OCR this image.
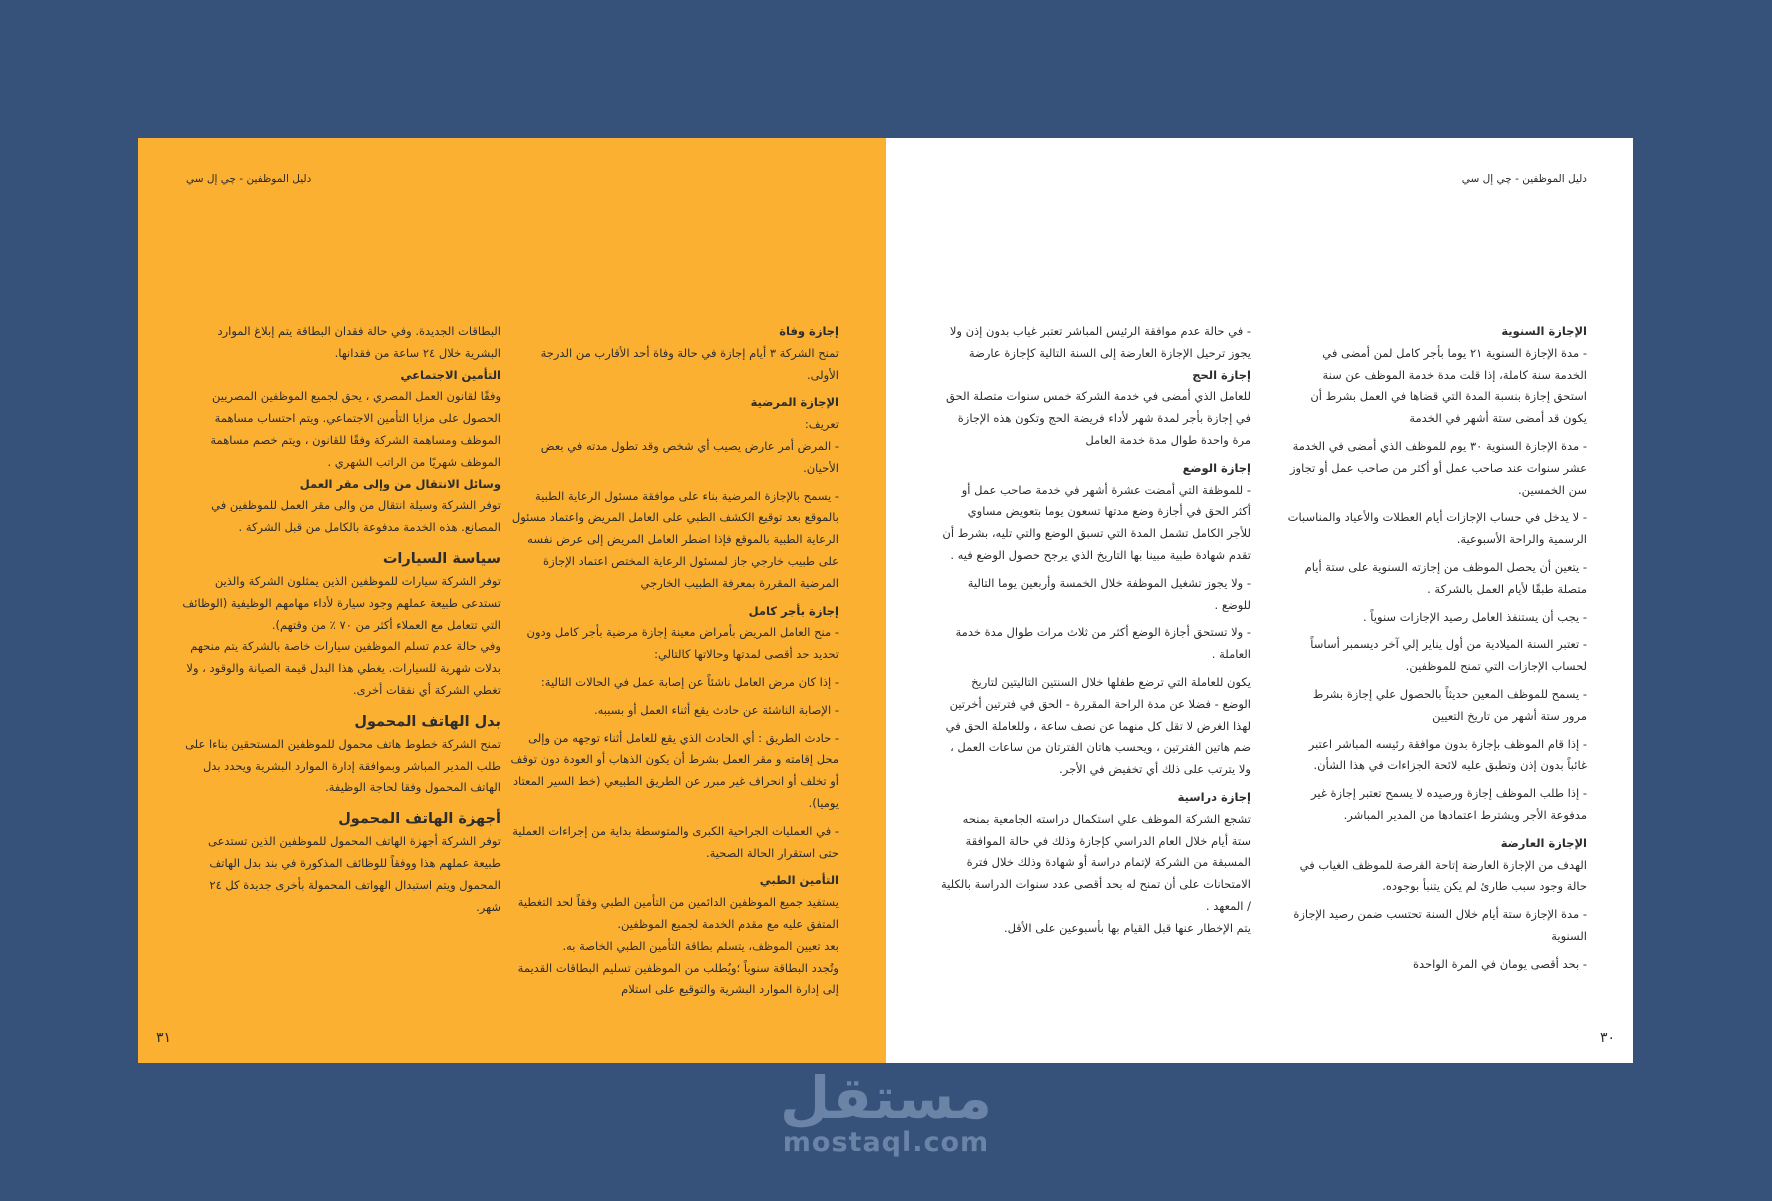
دليل الموظفين - چي إل سي

إجازة وفاة

تمنح الشركة ٣ أيام إجازة في حالة وفاة أحد الأقارب من الدرجة الأولى.

الإجازة المرضية

تعريف:

- المرض أمر عارض يصيب أي شخص وقد تطول مدته في بعض الأحيان.

- يسمح بالإجازة المرضية بناء على موافقة مسئول الرعاية الطبية بالموقع بعد توقيع الكشف الطبي على العامل المريض واعتماد مسئول الرعاية الطبية بالموقع فإذا اضطر العامل المريض إلى عرض نفسه على طبيب خارجي جاز لمسئول الرعاية المختص اعتماد الإجازة المرضية المقررة بمعرفة الطبيب الخارجي

إجازة بأجر كامل

- منح العامل المريض بأمراض معينة إجازة مرضية بأجر كامل ودون تحديد حد أقصى لمدتها وحالاتها كالتالي:

- إذا كان مرض العامل ناشئاً عن إصابة عمل في الحالات التالية:

- الإصابة الناشئة عن حادث يقع أثناء العمل أو بسببه.

- حادث الطريق : أي الحادث الذي يقع للعامل أثناء توجهه من وإلى محل إقامته و مقر العمل بشرط أن يكون الذهاب أو العودة دون توقف أو تخلف أو انحراف غير مبرر عن الطريق الطبيعي (خط السير المعتاد يوميا).

- في العمليات الجراحية الكبرى والمتوسطة بداية من إجراءات العملية حتى استقرار الحالة الصحية.

التأمين الطبي

يستفيد جميع الموظفين الدائمين من التأمين الطبي وفقاً لحد التغطية المتفق عليه مع مقدم الخدمة لجميع الموظفين.

بعد تعيين الموظف، يتسلم بطاقة التأمين الطبي الخاصة به.

وتُجدد البطاقة سنوياً ؛ويُطلب من الموظفين تسليم البطاقات القديمة إلى إدارة الموارد البشرية والتوقيع على استلام

البطاقات الجديدة. وفي حالة فقدان البطاقة يتم إبلاغ الموارد البشرية خلال ٢٤ ساعة من فقدانها.

التأمين الاجتماعي

وفقًا لقانون العمل المصري ، يحق لجميع الموظفين المصريين الحصول على مزايا التأمين الاجتماعي. ويتم احتساب مساهمة الموظف ومساهمة الشركة وفقًا للقانون ، ويتم خصم مساهمة الموظف شهريًا من الراتب الشهري .

وسائل الانتقال من وإلى مقر العمل

توفر الشركة وسيلة انتقال من والى مقر العمل للموظفين في المصانع. هذه الخدمة مدفوعة بالكامل من قبل الشركة .

سياسة السيارات

توفر الشركة سيارات للموظفين الذين يمثلون الشركة والذين تستدعى طبيعة عملهم وجود سيارة لأداء مهامهم الوظيفية (الوظائف التي تتعامل مع العملاء أكثر من ٧٠ ٪ من وقتهم).

وفي حالة عدم تسلم الموظفين سيارات خاصة بالشركة يتم منحهم بدلات شهرية للسيارات. يغطي هذا البدل قيمة الصيانة والوقود ، ولا تغطي الشركة أي نفقات أخرى.

بدل الهاتف المحمول

تمنح الشركة خطوط هاتف محمول للموظفين المستحقين بناءا على طلب المدير المباشر وبموافقة إدارة الموارد البشرية ويحدد بدل الهاتف المحمول وفقا لحاجة الوظيفة.

أجهزة الهاتف المحمول

توفر الشركة أجهزة الهاتف المحمول للموظفين الذين تستدعى طبيعة عملهم هذا ووفقاً للوظائف المذكورة في بند بدل الهاتف المحمول ويتم استبدال الهواتف المحمولة بأخرى جديدة كل ٢٤ شهر.

٣١
دليل الموظفين - چي إل سي

الإجازة السنوية

- مدة الإجازة السنوية ٢١ يوما بأجر كامل لمن أمضى في الخدمة سنة كاملة، إذا قلت مدة خدمة الموظف عن سنة استحق إجازة بنسبة المدة التي قضاها في العمل بشرط أن يكون قد أمضى ستة أشهر في الخدمة

- مدة الإجازة السنوية ٣٠ يوم للموظف الذي أمضى في الخدمة عشر سنوات عند صاحب عمل أو أكثر من صاحب عمل أو تجاوز سن الخمسين.

- لا يدخل في حساب الإجازات أيام العطلات والأعياد والمناسبات الرسمية والراحة الأسبوعية.

- يتعين أن يحصل الموظف من إجازته السنوية على ستة أيام متصلة طبقًا لأيام العمل بالشركة .

- يجب أن يستنفذ العامل رصيد الإجازات سنوياً .

- تعتبر السنة الميلادية من أول يناير إلي آخر ديسمبر أساساً لحساب الإجازات التي تمنح للموظفين.

- يسمح للموظف المعين حديثاً بالحصول علي إجازة بشرط مرور ستة أشهر من تاريخ التعيين

- إذا قام الموظف بإجازة بدون موافقة رئيسه المباشر اعتبر غائباً بدون إذن وتطبق عليه لائحة الجزاءات في هذا الشأن.

- إذا طلب الموظف إجازة ورصيده لا يسمح تعتبر إجازة غير مدفوعة الأجر ويشترط اعتمادها من المدير المباشر.

الإجازة العارضة

الهدف من الإجازة العارضة إتاحة الفرصة للموظف الغياب في حالة وجود سبب طارئ لم يكن يتنبأ بوجوده.

- مدة الإجازة ستة أيام خلال السنة تحتسب ضمن رصيد الإجازة السنوية

- بحد أقصى يومان في المرة الواحدة

- في حالة عدم موافقة الرئيس المباشر تعتبر غياب بدون إذن ولا يجوز ترحيل الإجازة العارضة إلى السنة التالية كإجازة عارضة

إجازة الحج

للعامل الذي أمضى في خدمة الشركة خمس سنوات متصلة الحق في إجازة بأجر لمدة شهر لأداء فريضة الحج وتكون هذه الإجازة مرة واحدة طوال مدة خدمة العامل

إجازة الوضع

- للموظفة التي أمضت عشرة أشهر في خدمة صاحب عمل أو أكثر الحق في أجازة وضع مدتها تسعون يوما بتعويض مساوي للأجر الكامل تشمل المدة التي تسبق الوضع والتي تليه، بشرط أن تقدم شهادة طبية مبينا بها التاريخ الذي يرجح حصول الوضع فيه .

- ولا يجوز تشغيل الموظفة خلال الخمسة وأربعين يوما التالية للوضع .

- ولا تستحق أجازة الوضع أكثر من ثلاث مرات طوال مدة خدمة العاملة .

يكون للعاملة التي ترضع طفلها خلال السنتين التاليتين لتاريخ الوضع - فضلا عن مدة الراحة المقررة - الحق في فترتين أخرتين لهذا الغرض لا تقل كل منهما عن نصف ساعة ، وللعاملة الحق في ضم هاتين الفترتين ، ويحسب هاتان الفترتان من ساعات العمل ، ولا يترتب على ذلك أي تخفيض في الأجر.

إجازة دراسية

تشجع الشركة الموظف علي استكمال دراسته الجامعية بمنحه ستة أيام خلال العام الدراسي كإجازة وذلك في حالة الموافقة المسبقة من الشركة لإتمام دراسة أو شهادة وذلك خلال فترة الامتحانات على أن تمنح له بحد أقصى عدد سنوات الدراسة بالكلية / المعهد .

يتم الإخطار عنها قبل القيام بها بأسبوعين على الأقل.

٣٠
مستقل
mostaql.com
